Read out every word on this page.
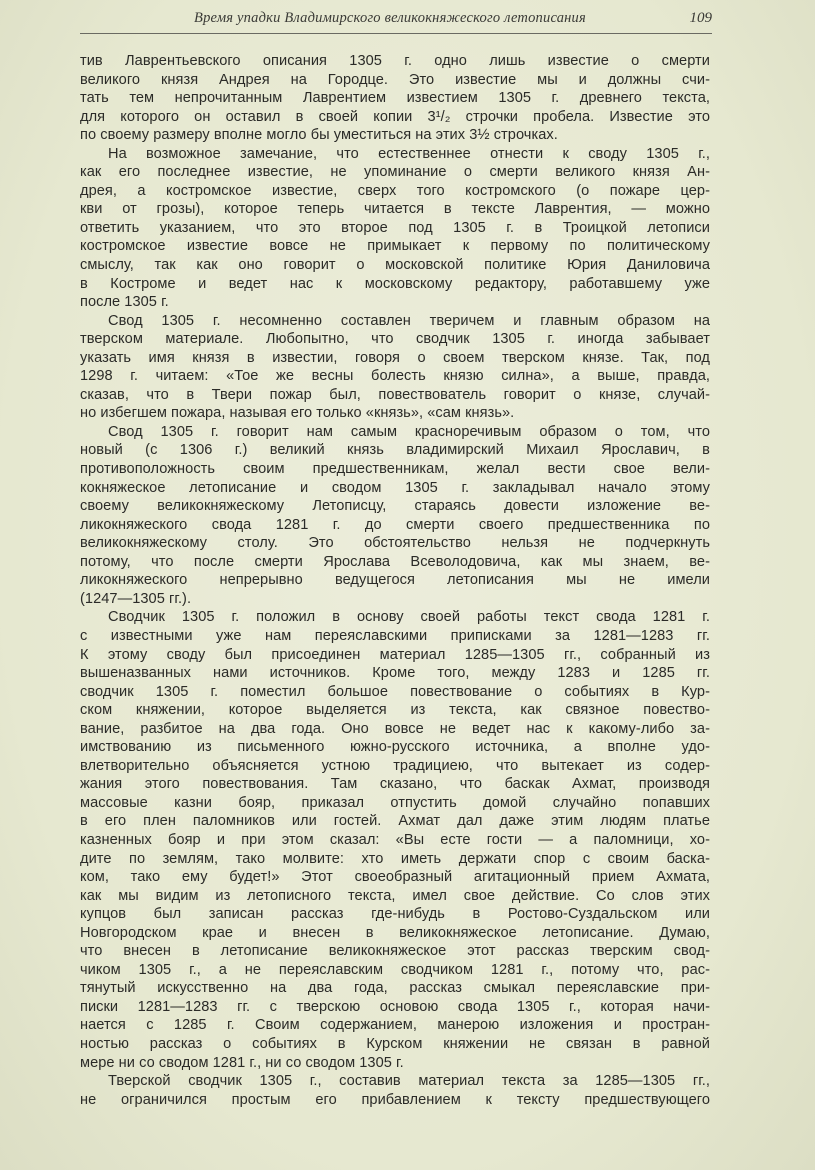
Время упадки Владимирского великокняжеского летописания	109
тив Лаврентьевского описания 1305 г. одно лишь известие о смерти
великого князя Андрея на Городце. Это известие мы и должны счи-
тать тем непрочитанным Лаврентием известием 1305 г. древнего текста,
для которого он оставил в своей копии 3¹/₂ строчки пробела. Известие это
по своему размеру вполне могло бы уместиться на этих 3½ строчках.
На возможное замечание, что естественнее отнести к своду 1305 г.,
как его последнее известие, не упоминание о смерти великого князя Ан-
дрея, а костромское известие, сверх того костромского (о пожаре цер-
кви от грозы), которое теперь читается в тексте Лаврентия, — можно
ответить указанием, что это второе под 1305 г. в Троицкой летописи
костромское известие вовсе не примыкает к первому по политическому
смыслу, так как оно говорит о московской политике Юрия Даниловича
в Костроме и ведет нас к московскому редактору, работавшему уже
после 1305 г.
Свод 1305 г. несомненно составлен тверичем и главным образом на
тверском материале. Любопытно, что сводчик 1305 г. иногда забывает
указать имя князя в известии, говоря о своем тверском князе. Так, под
1298 г. читаем: «Тое же весны болесть князю силна», а выше, правда,
сказав, что в Твери пожар был, повествователь говорит о князе, случай-
но избегшем пожара, называя его только «князь», «сам князь».
Свод 1305 г. говорит нам самым красноречивым образом о том, что
новый (с 1306 г.) великий князь владимирский Михаил Ярославич, в
противоположность своим предшественникам, желал вести свое вели-
кокняжеское летописание и сводом 1305 г. закладывал начало этому
своему великокняжескому Летописцу, стараясь довести изложение ве-
ликокняжеского свода 1281 г. до смерти своего предшественника по
великокняжескому столу. Это обстоятельство нельзя не подчеркнуть
потому, что после смерти Ярослава Всеволодовича, как мы знаем, ве-
ликокняжеского непрерывно ведущегося летописания мы не имели
(1247—1305 гг.).
Сводчик 1305 г. положил в основу своей работы текст свода 1281 г.
с известными уже нам переяславскими приписками за 1281—1283 гг.
К этому своду был присоединен материал 1285—1305 гг., собранный из
вышеназванных нами источников. Кроме того, между 1283 и 1285 гг.
сводчик 1305 г. поместил большое повествование о событиях в Кур-
ском княжении, которое выделяется из текста, как связное повество-
вание, разбитое на два года. Оно вовсе не ведет нас к какому-либо за-
имствованию из письменного южно-русского источника, а вполне удо-
влетворительно объясняется устною традициею, что вытекает из содер-
жания этого повествования. Там сказано, что баскак Ахмат, производя
массовые казни бояр, приказал отпустить домой случайно попавших
в его плен паломников или гостей. Ахмат дал даже этим людям платье
казненных бояр и при этом сказал: «Вы есте гости — а паломници, хо-
дите по землям, тако молвите: хто иметь держати спор с своим баска-
ком, тако ему будет!» Этот своеобразный агитационный прием Ахмата,
как мы видим из летописного текста, имел свое действие. Со слов этих
купцов был записан рассказ где-нибудь в Ростово-Суздальском или
Новгородском крае и внесен в великокняжеское летописание. Думаю,
что внесен в летописание великокняжеское этот рассказ тверским свод-
чиком 1305 г., а не переяславским сводчиком 1281 г., потому что, рас-
тянутый искусственно на два года, рассказ смыкал переяславские при-
писки 1281—1283 гг. с тверскою основою свода 1305 г., которая начи-
нается с 1285 г. Своим содержанием, манерою изложения и простран-
ностью рассказ о событиях в Курском княжении не связан в равной
мере ни со сводом 1281 г., ни со сводом 1305 г.
Тверской сводчик 1305 г., составив материал текста за 1285—1305 гг.,
не ограничился простым его прибавлением к тексту предшествующего
